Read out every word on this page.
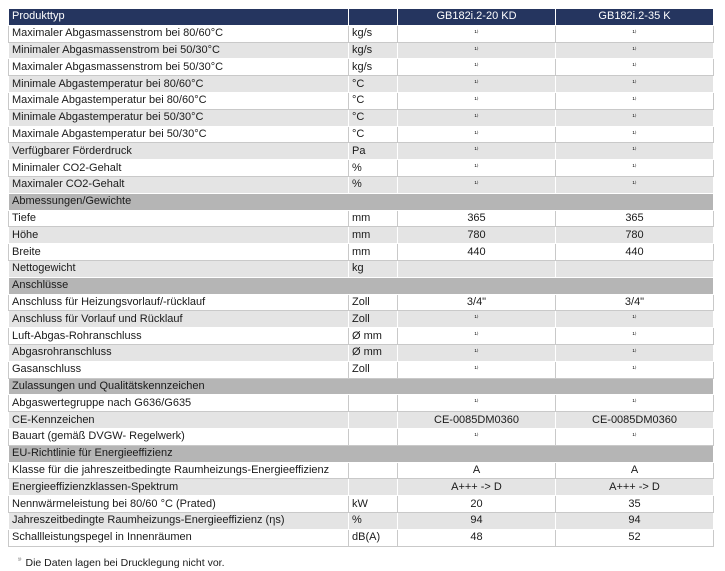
Produkttyp		GB182i.2-20 KD	GB182i.2-35 K
Maximaler Abgasmassenstrom bei 80/60°C	kg/s	¹⁾	¹⁾
Minimaler Abgasmassenstrom bei 50/30°C	kg/s	¹⁾	¹⁾
Maximaler Abgasmassenstrom bei 50/30°C	kg/s	¹⁾	¹⁾
Minimale Abgastemperatur bei 80/60°C	°C	¹⁾	¹⁾
Maximale Abgastemperatur bei 80/60°C	°C	¹⁾	¹⁾
Minimale Abgastemperatur bei 50/30°C	°C	¹⁾	¹⁾
Maximale Abgastemperatur bei 50/30°C	°C	¹⁾	¹⁾
Verfügbarer Förderdruck	Pa	¹⁾	¹⁾
Minimaler CO2-Gehalt	%	¹⁾	¹⁾
Maximaler CO2-Gehalt	%	¹⁾	¹⁾
Abmessungen/Gewichte			
Tiefe	mm	365	365
Höhe	mm	780	780
Breite	mm	440	440
Nettogewicht	kg		
Anschlüsse			
Anschluss für Heizungsvorlauf/-rücklauf	Zoll	3/4"	3/4"
Anschluss für Vorlauf und Rücklauf	Zoll	¹⁾	¹⁾
Luft-Abgas-Rohranschluss	Ø mm	¹⁾	¹⁾
Abgasrohranschluss	Ø mm	¹⁾	¹⁾
Gasanschluss	Zoll	¹⁾	¹⁾
Zulassungen und Qualitätskennzeichen			
Abgaswertegruppe nach G636/G635		¹⁾	¹⁾
CE-Kennzeichen		CE-0085DM0360	CE-0085DM0360
Bauart (gemäß DVGW- Regelwerk)		¹⁾	¹⁾
EU-Richtlinie für Energieeffizienz			
Klasse für die jahreszeitbedingte Raumheizungs-Energieeffizienz		A	A
Energieeffizienzklassen-Spektrum		A+++ -> D	A+++ -> D
Nennwärmeleistung bei 80/60 °C (Prated)	kW	20	35
Jahreszeitbedingte Raumheizungs-Energieeffizienz (ηs)	%	94	94
Schallleistungspegel in Innenräumen	dB(A)	48	52
$^{^{1)}}$ Die Daten lagen bei Drucklegung nicht vor.
